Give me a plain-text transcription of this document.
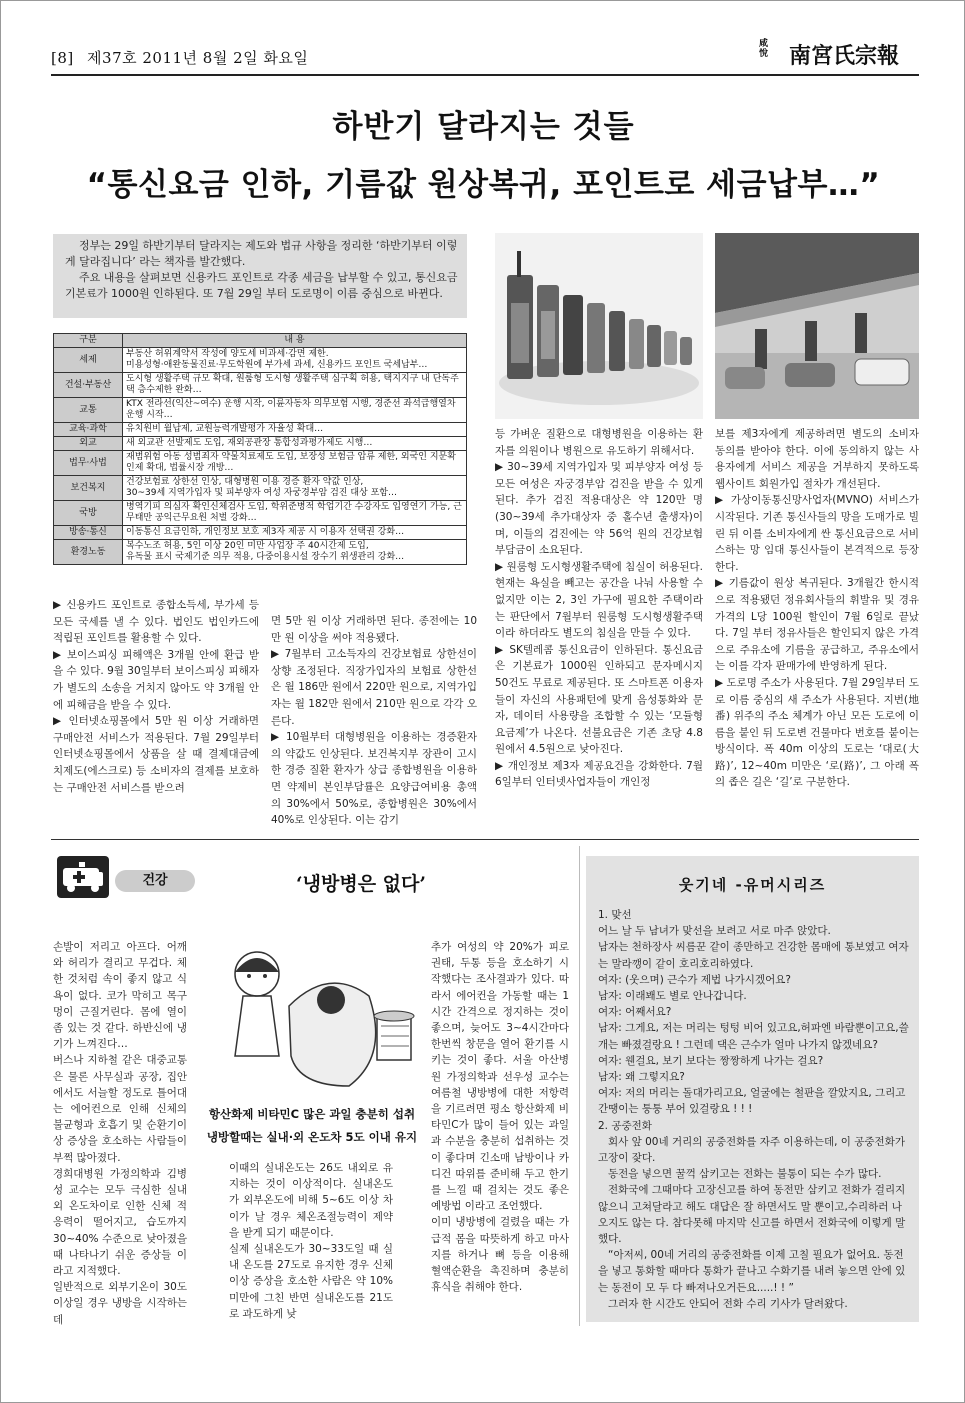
[8] 제37호 2011년 8월 2일 화요일
咸悅 南宮氏宗報
하반기 달라지는 것들
“통신요금 인하, 기름값 원상복귀, 포인트로 세금납부…”

정부는 29일 하반기부터 달라지는 제도와 법규 사항을 정리한 ‘하반기부터 이렇게 달라집니다’ 라는 책자를 발간했다.

주요 내용을 살펴보면 신용카드 포인트로 각종 세금을 납부할 수 있고, 통신요금 기본료가 1000원 인하된다. 또 7월 29일 부터 도로명이 이름 중심으로 바뀐다.

구분	내 용
세제	부동산 허위계약서 작성에 양도세 비과세·감면 제한.
미용성형·애완동물진료·무도학원에 부가세 과세, 신용카드 포인트 국세납부…

건설·부동산	도시형 생활주택 규모 확대, 원룸형 도시형 생활주택 심구획 허용, 택지지구 내 단독주택 층수제한 완화…

교통	KTX 전라선(익산~여수) 운행 시작, 이륜자동차 의무보험 시행, 경준선 좌석급행열차 운행 시작…

교육·과학	유치원비 월납제, 교원능력개발평가 자율성 확대…

외교	새 외교관 선발제도 도입, 재외공관장 통합성과평가제도 시행…

법무·사법	재범위험 아동 성범죄자 약물치료제도 도입, 보장성 보험금 압류 제한, 외국인 지문확인제 확대, 법률시장 개방…

보건복지	건강보험료 상한선 인상, 대형병원 이용 경증 환자 약값 인상,
30~39세 지역가입자 및 피부양자 여성 자궁경부암 검진 대상 포함…

국방	병역기피 의심자 확인신체검사 도입, 학위준병적 학업기간 수강자도 입영연기 가능, 근무태만 공익근무요원 처벌 강화…

방송·통신	이동통신 요금인하, 개인정보 보호 제3자 제공 시 이용자 선택권 강화…

환경노동	복수노조 허용, 5인 이상 20인 미만 사업장 주 40시간제 도입,
유독물 표시 국제기준 의무 적용, 다중이용시설 장수기 위생관리 강화…

▶ 신용카드 포인트로 종합소득세, 부가세 등 모든 국세를 낼 수 있다. 법인도 법인카드에 적립된 포인트를 활용할 수 있다.

▶ 보이스피싱 피해액은 3개월 안에 환급 받을 수 있다. 9월 30일부터 보이스피싱 피해자가 별도의 소송을 거치지 않아도 약 3개월 안에 피해금을 받을 수 있다.

▶ 인터넷쇼핑몰에서 5만 원 이상 거래하면 구매안전 서비스가 적용된다. 7월 29일부터 인터넷쇼핑몰에서 상품을 살 때 결제대금예치제도(에스크로) 등 소비자의 결제를 보호하는 구매안전 서비스를 받으려

면 5만 원 이상 거래하면 된다. 종전에는 10만 원 이상을 써야 적용됐다.

▶ 7월부터 고소득자의 건강보험료 상한선이 상향 조정된다. 직장가입자의 보험료 상한선은 월 186만 원에서 220만 원으로, 지역가입자는 월 182만 원에서 210만 원으로 각각 오른다.

▶ 10월부터 대형병원을 이용하는 경증환자의 약값도 인상된다. 보건복지부 장관이 고시한 경증 질환 환자가 상급 종합병원을 이용하면 약제비 본인부담률은 요양급여비용 총액의 30%에서 50%로, 종합병원은 30%에서 40%로 인상된다. 이는 감기

등 가벼운 질환으로 대형병원을 이용하는 환자를 의원이나 병원으로 유도하기 위해서다.

▶ 30~39세 지역가입자 및 피부양자 여성 등 모든 여성은 자궁경부암 검진을 받을 수 있게 된다. 추가 검진 적용대상은 약 120만 명(30~39세 추가대상자 중 홀수년 출생자)이며, 이들의 검진에는 약 56억 원의 건강보험 부담금이 소요된다.

▶ 원룸형 도시형생활주택에 침실이 허용된다. 현재는 욕실을 빼고는 공간을 나눠 사용할 수 없지만 이는 2, 3인 가구에 필요한 주택이라는 판단에서 7월부터 원룸형 도시형생활주택이라 하더라도 별도의 침실을 만들 수 있다.

▶ SK텔레콤 통신요금이 인하된다. 통신요금은 기본료가 1000원 인하되고 문자메시지 50건도 무료로 제공된다. 또 스마트폰 이용자들이 자신의 사용패턴에 맞게 음성통화와 문자, 데이터 사용량을 조합할 수 있는 ‘모듈형 요금제’가 나온다. 선불요금은 기존 초당 4.8원에서 4.5원으로 낮아진다.

▶ 개인정보 제3자 제공요건을 강화한다. 7월 6일부터 인터넷사업자들이 개인정

보를 제3자에게 제공하려면 별도의 소비자 동의를 받아야 한다. 이에 동의하지 않는 사용자에게 서비스 제공을 거부하지 못하도록 웹사이트 회원가입 절차가 개선된다.

▶ 가상이동통신망사업자(MVNO) 서비스가 시작된다. 기존 통신사들의 망을 도매가로 빌린 뒤 이를 소비자에게 싼 통신요금으로 서비스하는 망 임대 통신사들이 본격적으로 등장한다.

▶ 기름값이 원상 복귀된다. 3개월간 한시적으로 적용됐던 정유회사들의 휘발유 및 경유 가격의 L당 100원 할인이 7월 6일로 끝났다. 7일 부터 정유사들은 할인되지 않은 가격으로 주유소에 기름을 공급하고, 주유소에서는 이를 각자 판매가에 반영하게 된다.

▶ 도로명 주소가 사용된다. 7월 29일부터 도로 이름 중심의 새 주소가 사용된다. 지번(地番) 위주의 주소 체계가 아닌 모든 도로에 이름을 붙인 뒤 도로변 건물마다 번호를 붙이는 방식이다. 폭 40m 이상의 도로는 ‘대로(大路)’, 12~40m 미만은 ‘로(路)’, 그 아래 폭의 좁은 길은 ‘길’로 구분한다.

건강	‘냉방병은 없다’

손발이 저리고 아프다. 어깨와 허리가 결리고 무겁다. 체한 것처럼 속이 좋지 않고 식욕이 없다. 코가 막히고 목구멍이 근질거린다. 몸에 열이 좀 있는 것 같다. 하반신에 냉기가 느껴진다…

버스나 지하철 같은 대중교통은 물론 사무실과 공장, 집안에서도 서늘할 정도로 틀어대는 에어컨으로 인해 신체의 불균형과 호흡기 및 순환기이상 증상을 호소하는 사람들이 부쩍 많아졌다.

경희대병원 가정의학과 김병성 교수는 모두 극심한 실내외 온도차이로 인한 신체 적응력이 떨어지고, 습도까지 30~40% 수준으로 낮아졌을 때 나타나기 쉬운 증상들 이라고 지적했다.

일반적으로 외부기온이 30도 이상일 경우 냉방을 시작하는데

항산화제 비타민C 많은 과일 충분히 섭취
냉방할때는 실내·외 온도차 5도 이내 유지

이때의 실내온도는 26도 내외로 유지하는 것이 이상적이다. 실내온도가 외부온도에 비해 5~6도 이상 차이가 날 경우 체온조절능력이 제약을 받게 되기 때문이다.

실제 실내온도가 30~33도일 때 실내 온도를 27도로 유지한 경우 신체 이상 증상을 호소한 사람은 약 10%미만에 그친 반면 실내온도를 21도로 과도하게 낮

추가 여성의 약 20%가 피로권태, 두통 등을 호소하기 시작했다는 조사결과가 있다. 따라서 에어컨을 가동할 때는 1시간 간격으로 정지하는 것이 좋으며, 늦어도 3~4시간마다 한번씩 창문을 열어 환기를 시키는 것이 좋다. 서울 아산병원 가정의학과 선우성 교수는 여름철 냉방병에 대한 저항력을 기르려면 평소 항산화제 비타민C가 많이 들어 있는 과일과 수분을 충분히 섭취하는 것이 좋다며 긴소매 남방이나 카디건 따위를 준비해 두고 한기를 느낄 때 걸치는 것도 좋은 예방법 이라고 조언했다.

이미 냉방병에 걸렸을 때는 가급적 몸을 따뜻하게 하고 마사지를 하거나 뼈 등을 이용해 혈액순환을 촉진하며 충분히 휴식을 취해야 한다.

웃기네 -유머시리즈

1. 맞선

어느 날 두 남녀가 맞선을 보려고 서로 마주 앉았다.

남자는 천하장사 씨름꾼 같이 종만하고 건강한 몸매에 통보였고 여자는 말라깽이 같이 호리호리하였다.

여자: (웃으며) 근수가 제법 나가시겠어요?

남자: 이래봬도 별로 안나갑니다.

여자: 어째서요?

남자: 그게요, 저는 머리는 텅텅 비어 있고요,허파엔 바람뿐이고요,쓸개는 빠졌걸랑요 ! 그런데 댁은 근수가 얼마 나가지 않겠네요?

여자: 웬걸요, 보기 보다는 짱짱하게 나가는 걸요?

남자: 왜 그렇지요?

여자: 저의 머리는 돌대가리고요, 얼굴에는 철판을 깔았지요, 그리고 간땡이는 퉁퉁 부어 있걸랑요 ! ! !

2. 공중전화

회사 앞 00네 거리의 공중전화를 자주 이용하는데, 이 공중전화가 고장이 잦다.

동전을 넣으면 꿀꺽 삼키고는 전화는 불통이 되는 수가 많다.

전화국에 그때마다 고장신고를 하여 동전만 삼키고 전화가 걸리지 않으니 고쳐달라고 해도 대답은 잘 하면서도 말 뿐이고,수리하러 나오지도 않는 다. 참다못해 마지막 신고를 하면서 전화국에 이렇게 말했다.

“아저씨, 00네 거리의 공중전화를 이제 고칠 필요가 없어요. 동전을 넣고 통화할 때마다 통화가 끝나고 수화기를 내려 놓으면 안에 있는 동전이 모 두 다 빠져나오거든요.....! ! ”

그러자 한 시간도 안되어 전화 수리 기사가 달려왔다.
